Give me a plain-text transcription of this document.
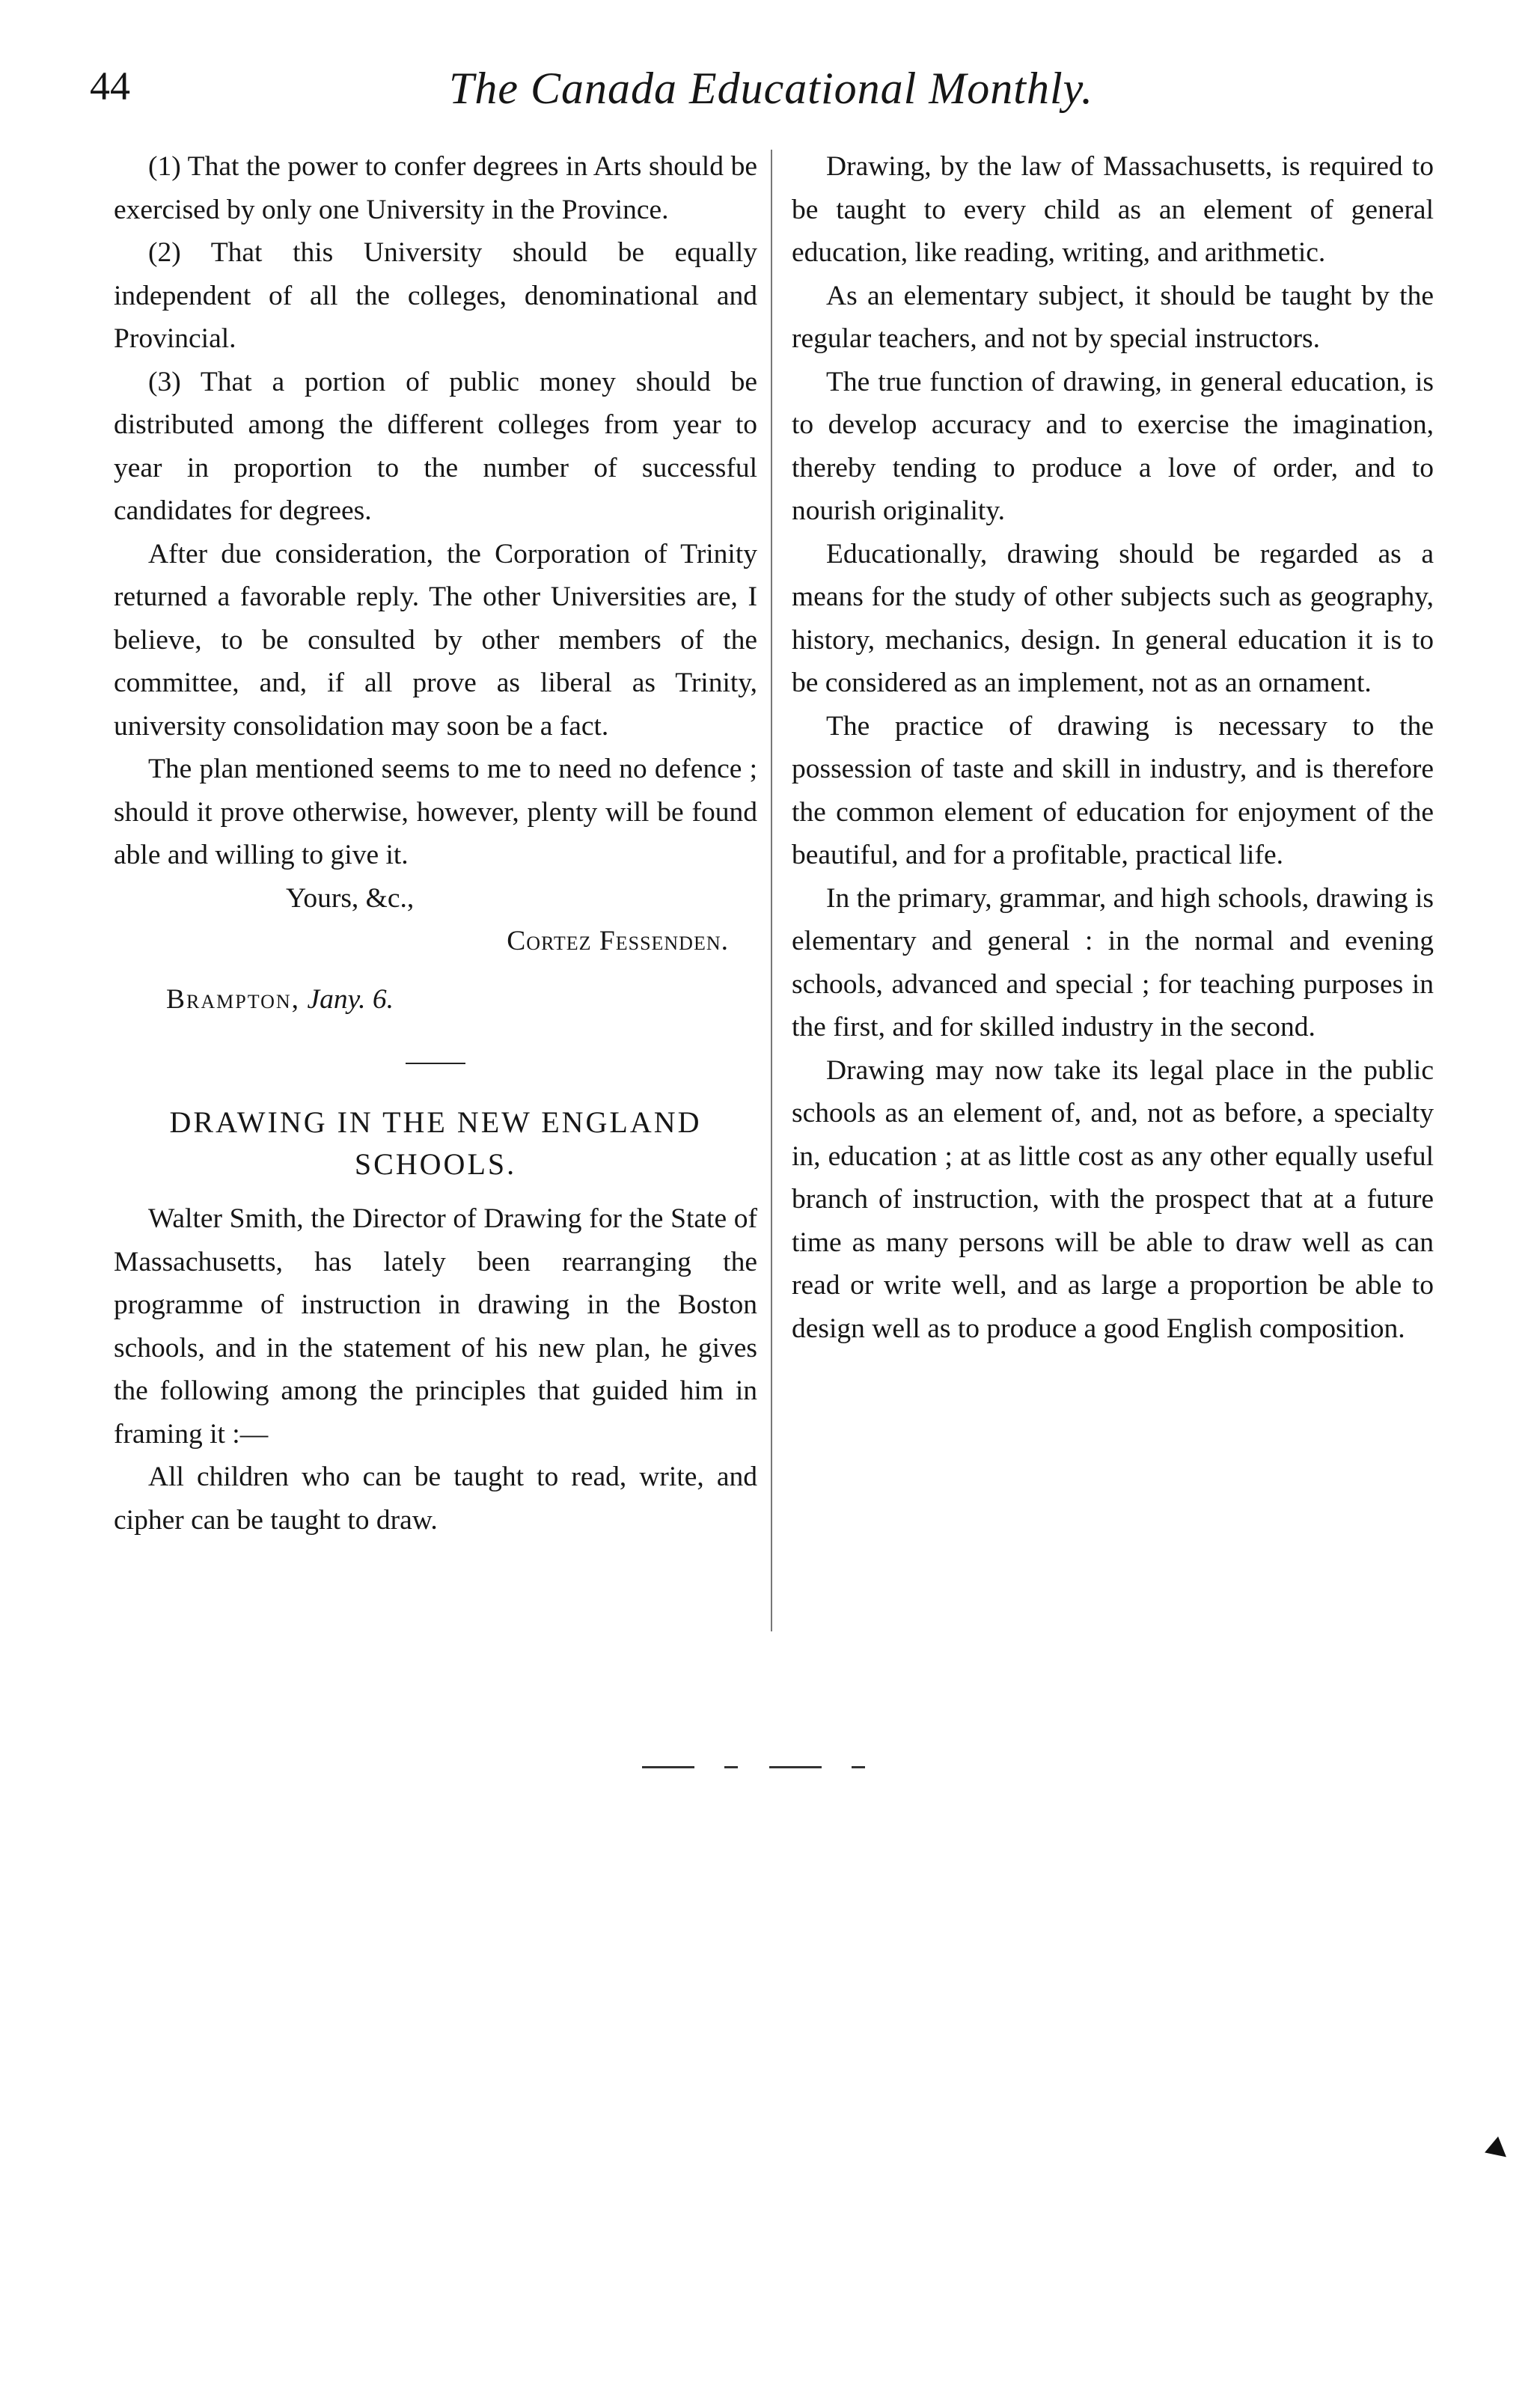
44	The Canada Educational Monthly.

(1) That the power to confer degrees in Arts should be exercised by only one University in the Province.

(2) That this University should be equally independent of all the colleges, denominational and Provincial.

(3) That a portion of public money should be distributed among the different colleges from year to year in proportion to the number of successful candidates for degrees.

After due consideration, the Corporation of Trinity returned a favorable reply. The other Universities are, I believe, to be consulted by other members of the committee, and, if all prove as liberal as Trinity, university consolidation may soon be a fact.

The plan mentioned seems to me to need no defence ; should it prove otherwise, however, plenty will be found able and willing to give it.

Yours, &c.,

Cortez Fessenden.

Brampton, Jany. 6.

DRAWING IN THE NEW ENGLAND SCHOOLS.

Walter Smith, the Director of Drawing for the State of Massachusetts, has lately been rearranging the programme of instruction in drawing in the Boston schools, and in the statement of his new plan, he gives the following among the principles that guided him in framing it :—

All children who can be taught to read, write, and cipher can be taught to draw.

Drawing, by the law of Massachusetts, is required to be taught to every child as an element of general education, like reading, writing, and arithmetic.

As an elementary subject, it should be taught by the regular teachers, and not by special instructors.

The true function of drawing, in general education, is to develop accuracy and to exercise the imagination, thereby tending to produce a love of order, and to nourish originality.

Educationally, drawing should be regarded as a means for the study of other subjects such as geography, history, mechanics, design. In general education it is to be considered as an implement, not as an ornament.

The practice of drawing is necessary to the possession of taste and skill in industry, and is therefore the common element of education for enjoyment of the beautiful, and for a profitable, practical life.

In the primary, grammar, and high schools, drawing is elementary and general : in the normal and evening schools, advanced and special ; for teaching purposes in the first, and for skilled industry in the second.

Drawing may now take its legal place in the public schools as an element of, and, not as before, a specialty in, education ; at as little cost as any other equally useful branch of instruction, with the prospect that at a future time as many persons will be able to draw well as can read or write well, and as large a proportion be able to design well as to produce a good English composition.
